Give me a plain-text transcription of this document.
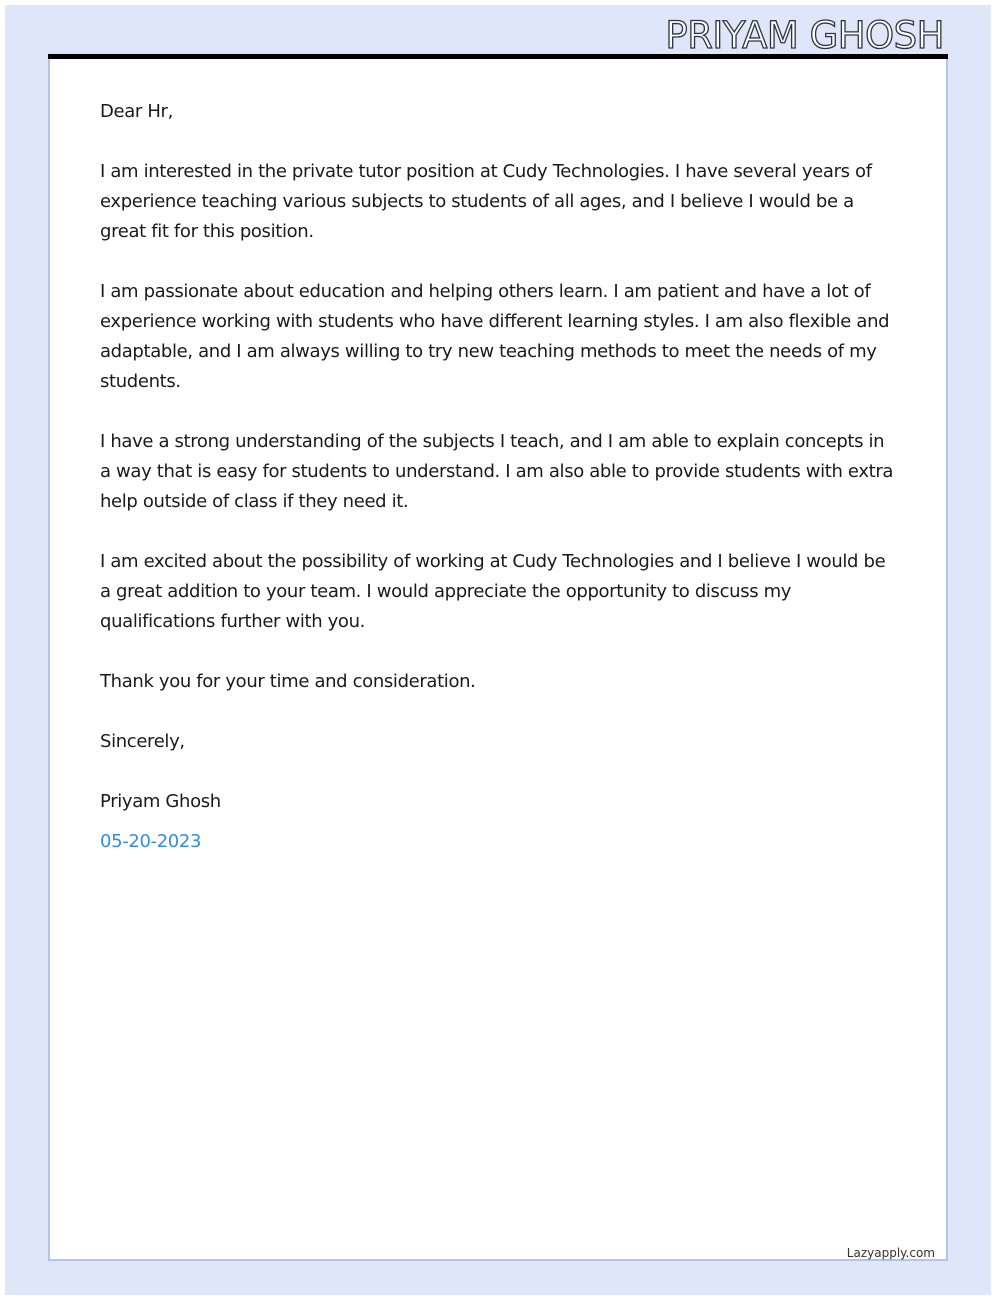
PRIYAM GHOSH

Dear Hr,

I am interested in the private tutor position at Cudy Technologies. I have several years of experience teaching various subjects to students of all ages, and I believe I would be a great fit for this position.

I am passionate about education and helping others learn. I am patient and have a lot of experience working with students who have different learning styles. I am also flexible and adaptable, and I am always willing to try new teaching methods to meet the needs of my students.

I have a strong understanding of the subjects I teach, and I am able to explain concepts in a way that is easy for students to understand. I am also able to provide students with extra help outside of class if they need it.

I am excited about the possibility of working at Cudy Technologies and I believe I would be a great addition to your team. I would appreciate the opportunity to discuss my qualifications further with you.

Thank you for your time and consideration.

Sincerely,

Priyam Ghosh

05-20-2023

Lazyapply.com
